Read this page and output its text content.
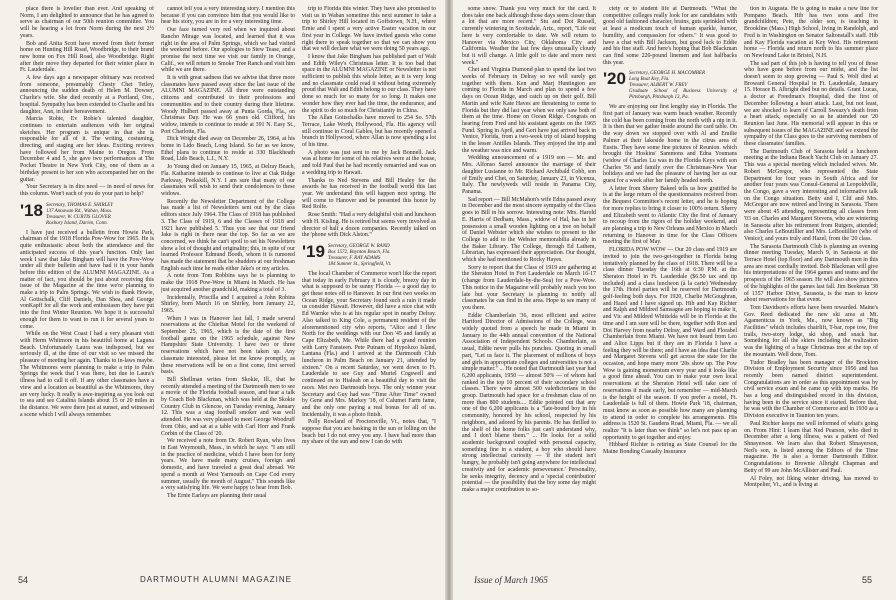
place there is lovelier than ever. And speaking of Norm, I am delighted to announce that he has agreed to serve as chairman of our 50th reunion committee. You will be hearing a lot from Norm during the next 2½ years.

Bob and Anita Scott have moved from their former home on Hunting Hill Road, Woodbridge, to their brand new home on Fox Hill Road, also Woodbridge. Right after their move they departed for their winter place in Ft. Lauderdale.

A few days ago a newspaper obituary was received from someone, presumably Chesty Chet Tetley, announcing the sudden death of Helen M. Dowser, Charlie's wife. She died recently at a Portland, Ore., hospital. Sympathy has been extended to Charlie and his daughter, Ann, in their bereavement.

Marcia Robie, Ev Robie's talented daughter, continues to entertain audiences with her original sketches. Her program is unique in that she is responsible for all of it. The writing, costuming, directing, and staging are her ideas. Exciting reviews have followed her from Maine to Oregon. From December 4 and 5, she gave two performances at The Pocket Theatre in New York City, one of them as a birthday present to her son who accompanied her on the guitar.

Your Secretary is in dire need — in need of news for this column. Won't each of you do your part to help?

'18 Secretary, THOMAS E. SHIRLEY
137 Annawan Rd., Waban, Mass.
Treasurer, W. CURTIS GLOVER
Roxbury Island, Darien, Conn.

I have just received a bulletin from Howie Park, chairman of the 1918 Florida Pow-Wow for 1965. He is quite enthusiastic about both the attendance and the anticipated success of this year's function. Only last week I saw that Jake Bingham will have the Pow-Wow under all their bulletin and have had it in your hands before this edition of the ALUMNI MAGAZINE. As a matter of fact, you should be just about receiving this issue of the Magazine at the time we're planning to make a trip to Palm Springs. We wish to thank Howie, Al Gottschalk, Cliff Daniels, Dan Shea, and George vonKapff for all the work and enthusiasm they have put into the first Winter Reunion. We hope it is successful enough for them to want to run it for several years to come.

While on the West Coast I had a very pleasant visit with Herm Whitmore in his beautiful home at Laguna Beach. Unfortunately Laura was indisposed, but we seriously ill, at the time of our visit so we missed the pleasure of meeting her again. Thanks to in-laws maybe. The Whitmores were planning to make a trip to Palm Springs the week that I was there, but due to Laura's illness had to call it off. If any other classmates have a view and a location as beautiful as the Whitmores, they are very lucky. It really is awe-inspiring as you look out to sea and see Catalina Islands about 15 or 20 miles in the distance. We were there just at sunset, and witnessed a scene which I will always remember.

cannot tell you a very interesting story. I mention this because if you can convince him that you would like to hear his story, you are in for a very interesting time.

Our face turned very red when we inquired about Rancho Mirage was located, and learned that it was right in the area of Palm Springs, which we had visited the weekend before. Our apologies to Stew Tease, and a promise the next time we visit our family in Orange, Calif., we will return to Smoke Tree Ranch and visit him while we are there.

It is with great sadness that we advise that three more classmates have passed away since the last issue of the ALUMNI MAGAZINE. All three were outstanding citizens and contributed to their professions and communities and to their country during their lifetime. Woody Hulbert passed away at Punta Gorda, Fla., on Christmas Day. He was 66 years old. Clifford, his widow, intends to continue to reside at 391 N. Easy St., Port Charlotte, Fla.

Dick Wright died away on December 26, 1964, at his home in Lido Beach, Long Island. So far as we know, Ethel plans to continue to reside at 330 Blackheath Road, Lido Beach, L.I., N.Y.

Jo Young died on January 15, 1965, at Delray Beach, Fla. Katharine intends to continue to live at Oak Ridge Parkway, Peekskill, N.Y. I am sure that many of our classmates will wish to send their condolences to these widows.

Recently the Newsletter Department of the College has made a list of Newsletters sent out by the class editors since July 1964. The Class of 1918 has published 3. The Class of 1919, 6 and the Classes of 1918 and 1921 have published 5. Thus you see that our friend Jake is right in there near the top. So far as we are concerned, we think he can't spoil to set his Newsletters show a lot of thought and originality; this, in spite of our learned Professor Edmund Booth, whom it is rumored has made the statement that he shudders at our freshman English each time he reads either Jake's or my articles.

A note from Tom Robbins says he is planning to make the 1918 Pow-Wow in Miami in March. He has just acquired another grandchild, making a total of 3.

Incidentally, Priscilla and I acquired a John Robins Shirley, born March 16 on Shirley, born January 22, 1965.

When I was in Hanover last fall, I made several reservations at the Chieftan Motel for the weekend of September 25, 1965, which is the date of the first football game on the 1965 schedule, against New Hampshire State University. I have two or three reservations which have not been taken up. Any classmate interested, please let me know promptly, as these reservations will be on a first come, first served basis.

Bill Shellman writes from Skokie, Ill., that he recently attended a meeting of the Dartmouth men to see a movie of the Florida football season, and hear a talk by Coach Bob Blackman, which was held at the Skokie Country Club in Glencoe, on Tuesday evening, January 12. This was a stag football smoker and was well attended. He was very pleased to meet George Woodruff from Ohio, and sat at a table with Carl Horr and Frank Corbin of the Class of '20.

We received a note from Dr. Robert Ryan, who lives in East Weymouth, Mass., in which he says: "I am still in the practice of medicine, which I have been for forty years. We have made many cruises, foreign and domestic, and have traveled a great deal abroad. We spend a month at West Yarmouth on Cape Cod every summer, usually the month of August." This sounds like a very satisfying life. We were happy to hear from Bob.

The Ernie Earleys are planning their usual

trip to Florida this winter. They have also promised to visit us in Waban sometime this next summer to take a trip to Shirley Hill located in Goffstown, N.H., where Ernie and I spent a very active Easter vacation in our first year in College. We have invited guests who come right there to speak together so that we can show you that we will declare what we were doing 50 years ago.

I know that Jake Bingham has published part of Walt and Edith Wiley's Christmas letter. It is too bad that space in the ALUMNI MAGAZINE or Newsletter is not sufficient to publish this whole letter, as it is very long and no classmate could read it without being extremely proud that Walt and Edith belong to our class. They have done so much for so many for so long. It makes one wonder how they ever had the time, the endurance, and the spirit to do so much for Christianity in China.

The Allan Gottschalks have moved to 254 So. 57th Terrace, Lake Worth, Hollywood, Fla. His agency will still continue in Coral Gables, but has recently opened a branch in Hollywood, where Allan is now spending a lot of his time.

A photo was just sent to me by Jack Bonnell. Jack was at home for some of his relatives were at the house, and told Paul that he had recently remarried and was on a wedding trip to Hawaii.

Thanks to Ned Stevens and Bill Healey for the awards he has received in the football world this last year. We understand this will happen next spring. He will come to Hanover and be presented this honor by Red Rolfe.

Rose Smith: "Had a very delightful visit and luncheon with H. Kisling. He is retired but seems very involved as director of half a dozen companies. Recently talked on the 'phone with Dick Alston."

'19 Secretary, GEORGE W. RAND
Box 1572, Boynton Beach, Fla.
Treasurer, F. RAY ADAMS
184 Sumner St., Springfield, Vt.

The local Chamber of Commerce won't like the report that today in early February it is cloudy, breezy day in what is supposed to be sunny Florida — a good day to get these notes off to Hanover. In our first two weeks on Ocean Ridge, your Secretary found such a rain it made us consider Hawaii. However, did have a nice chat with Ed Warnke who is at his regular spot in nearby Delray. Also talked to King Cole, a permanent resident of the aforementioned city who reports, "Alice and I flew North for the weddings with our Don '45 and family at Cape Elizabeth, Me. While there had a grand reunion with Larry Fansteen. Pete Putnam of Hypoluxo Island, Lantana (Fla.) and I arrived at the Dartmouth Club luncheon in Palm Beach on January 21, attended by sixteen." On a recent Saturday, we went down to Ft. Lauderdale to see Guy and Muriel Cogswell and continued on to Hialeah on a beautiful day to visit the races. Met two Dartmouth boys. The only winner your Secretary and Guy had was "Time After Time" owned by Gene and Mrs. Markey '18, of Calumet Farm fame, and the only one paying a real bonus for all of us. Incidentally, it was a photo finish.

Polly Rowland of Proctorsville, Vt., notes that, "I suppose that you are basking in the sun or lolling on the beach but I do not envy you any. I have had more than my share of the sun and now I can do with

some snow. Thank you very much for the card. It does take one back although those days seem closer than a lot that are more recent." Stu and Dot Russell, currently wintering in Scottsdale, Ariz., report, "Life out here is very comfortable to date. We will return to Hanover via Mexico City, Oklahoma City and California. Weather the last few days unusually cloudy but it will change. A little golf to date and more next week."

Chet and Virginia Dumond plan to spend the last two weeks of February in Delray so we will surely get together with them. Ken and Marj Huntington are coming to Florida in March and plan to spend a few days on Ocean Ridge, and catch up on their golf. Bill Martin and wife Kate Haves are threatening to come to Florida but they did last year when we only saw both of them at the time. Home on Ocean Ridge. Congrats on hearing from Fred and his assistant agents on the 1965 Fund. Spring in April, and Gert have just arrived back in Venice, Florida, from a two-week trip of island hopping in the lesser Antilles Islands. They enjoyed the trip and the weather was nice and warm.

Wedding announcement of a 1919 son — Mr. and Mrs. Alfonso Sarrel announce the marriage of their daughter Lusianne to Mr. Richard Archibald Cobb, son of Emily and Chet, on Saturday, January 23, in Vicenza, Italy. The newlyweds will reside in Panama City, Panama.

Sad report — Bill McMahon's wife Edna passed away in December and the most sincere sympathy of the Class goes to Bill in his sorrow. Interesting note: Mrs. Harold E. Harris of Dedham, Mass., widow of Hal, has in her possession a small wooden lighting on a tree on behalf of Daniel Webster which she wishes to present to the College to add to the Webster memorabilia already in the Baker Library. The College, through Ed Lathem, Librarian, has expressed their appreciation. Our thought, which she had mentioned to Rocky Hayes.

Sorry to report that the Class of 1919 are gathering at the Sheraton Hotel in Fort Lauderdale on March 16-17 (change from Lauderdale-by-the-Sea) for a Pow-Wow. This notice in the Magazine will probably reach you too late but your Secretary is planning to notify all classmates he can find in the area. Hope to see many of you there.

Eddie Chamberlain '36, most efficient and active Hartford Director of Admissions of the College, was widely quoted from a speech he made in Miami in January to the 44th annual convention of the National Association of Independent Schools. Chamberlain, as usual, Eddie never pulls his punches. Quoting in small part, "Let us face it. The placement of millions of boys and girls in appropriate colleges and universities is not a simple matter." ... He noted that Dartmouth last year had 6,200 applicants, 1950 — almost 50% — of whom had ranked in the top 10 percent of their secondary school classes. There were almost 500 valedictorians in the group. Dartmouth had space for a freshman class of no more than 800 students.... Eddie pointed out that any one of the 6,200 applicants is a "late-bound boy in his community, honored by his school, respected by his neighbors, and adored by his parents. He has thrilled to the shelf of the home folks just can't understand why, and I don't blame them." ... He looks for a solid academic background coupled with personal capacity, something fine in a student, a boy who should have strong intellectual curiosity — 'if the student isn't hungry, he probably isn't going anywhere for intellectual creativity and for academic perseverance.' Personality, he seeks integrity, decency and a 'special contribution' potential — the possibility that the boy some day might make a major contribution to so-

ciety or to student life at Dartmouth. "What the competitive colleges really look for are candidates with good old fashioned character, brains, guts sprinkled with at least a modicum touch of human sparkle, humor, humility, and compassion for others." It was good to have a chat with Bill Jackson, but good luck to Eddie and his fine staff. And here's hoping that Bob Blackman can find some 220-pound linemen and fast halfbacks this year.

'20 Secretary, GEORGE H. MACOMBER
Long Boat Key, Fla.
Treasurer, ALBERT W. FREY
Graduate School of Business University of Pittsburgh, Pittsburgh 13, Pa.

We are enjoying our first lengthy stay in Florida. The first part of January was warm beach weather. Recently the cold has been coming from the north with a nip in it. It is then that we gather inside around the card table. On the way down we stopped over with Al and Emilie Palmer at their lakeside home in the citrus area of Eustis. They have some fine pictures of Reunion. which brought the Hoskins' Sammons and Edna Youmans (widow of Charles Lu was in the Florida Keys with son Charles '56 and family over the Christmas-New Year holidays and we had the pleasure of having her as our guest for a week after her family headed north.

A letter from Sherry Bakeel tells us how gratified he is at the large return of the questionnaires received from the Bequest Committee's recent letter, and he is hoping for more replies to bring it closer to 100% return. Sherry and Elizabeth went to Atlantic City the first of January to recoup from the rigors of the holiday weekend, and are planning a trip to New Orleans and Mexico in March returning to Hanover in time for the Class Officers meeting the first of May.

FLORIDA POW WOW — Our 20 class and 1919 are invited to join the two-get-together in Florida being tentatively planned by the class of 1918. There will be a class dinner Tuesday the 16th at 6:30 P.M. at the Sheraton Hotel in Ft. Lauderdale ($6.50 tax and tip included) and a class luncheon (à la carte) Wednesday the 17th. Hotel parties will be reserved for Dartmouth golf-feeling both days. For 1920, Charlie McGoughran, and Hazel and I have signed up. Hib and Kay Richter and Ralph and Mildred Samsagne are hoping to make it, and Vic and Mildred Whittelda will be in Florida at the time and I am sure will be there, together with Ron and Dot Harvey from nearby Delray, and Ward and Florabel Chamberlain from Miami. We have not heard from Leo and Alice Lipps but if they are in Florida I have a feeling they will be there; and I have an idea that Charlie and Margaret Stevens will get across the state for the occasion, and hope many more '20s show up. The Pow Wow is gaining momentum every year and it looks like a good time ahead. You can to make your own local reservations at the Sheraton Hotel will take care of reservations if made early, but remember — mid-March is the height of the season. If you prefer a motel, Ft. Lauderdale is full of them. Howie Park '18, chairman, must know as soon as possible how many are planning to attend in order to complete his arrangements. His address is 1520 St. Gaudens Road, Miami, Fla. — we all realize "It is later than we think" so let's not pass up an opportunity to get together and enjoy.

Hibbard Richter is retiring as State Counsel for the Maine Bonding Casualty Insurance

tion in Augusta. He is going to make a new line for Pompano Beach. Hib has two sons and five grandchildren; Pete, the older son, is teaching in Brookline (Mass.) High School, living in Randolph, and Fred is in Washington on Senator Saltonstall's staff. Hib and Kay Florida vacation at Key West. His retirement home — Florida and return north to his summer place on Newfound Lake in Bristol, N.H.

The sad part of this job is having to tell you of those who have gone before from our midst, and the list doesn't seem to stop growing — Paul S. Wolf died at Broward General Hospital in Ft. Lauderdale, January 15. Horace B. Albright died but no details. Grant Lucas, a doctor at Freedman's Hospital, died the first of December following a heart attack. Last, but not least, we are shocked to learn of Carroll Sweazy's death from a heart attack, especially so as he attended our '20 Reunion last June. His memorial will appear in this or subsequent issues of the MAGAZINE and we extend the sympathy of the Class goes to the surviving members of these classmates' families.

The Dartmouth Club of Sarasota held a luncheon meeting at the Indiana Beach Yacht Club on January 27. This was a special meeting which included wives. Mr. Robert McGregor, who represented the State Department for four years in South Africa and for another four years was Consul-General at Leopoldville, the Congo, gave a very interesting and informative talk on the Congo situation. Betty and I, Clif and Mrs. McGregor are now retired and living in Sarasota. There were about 45 attending, representing all classes from '03 on. Charles and Margaret Stevens, who are wintering in Sarasota after his retirement from Rutgers, attended; also Charles LeBoutillier and Mrs. LeBoutillier (who of Venice); and yours truly and Hazel, from the '20 class.

The Sarasota Dartmouth Club is planning an evening dinner meeting Tuesday, March 9, in Sarasota at the Terrace Hotel (top floor) and any Dartmouth men in this area are most cordially invited. Bob Blackman will give his interpretations of the 1964 games and teams and the prospects of the 1965 season. He will also show pictures of the highlights of the games last fall. Jim Beekman '38 of 1357 Harbor Drive, Sarasota, is the man to know about reservations for that event.

Tom Davidson's efforts have been rewarded. Maine's Gov. Reed dedicated the new ski area at Mt. Agamenticus in York, Me., now known as "Big Facilities" which includes chairlift, T-bar, rope tow, five trails, two-story lodge, ski shop, and snack bar. Something for all the skiers including the realization was the lighting of a huge Christmas tree at the top of the mountain. Well done, Tom.

Tudor Bradley has been manager of the Brockton Division of Employment Security since 1956 and has recently been named district superintendent. Congratulations are in order as this appointment was by civil service exam and he came up with top marks. He has a long and distinguished record in this division, having been in the service since it started. Before that, he was with the Chamber of Commerce and in 1930 as a Division executive in Taunton ten years.

Paul Richter keeps me well informed of what's going on. From Hint: I learn that Ned Pearson, who died in December after a long illness, was a patient of Ned Shnayerson. We learn also that Robert Shnayerson, Ned's son, is listed among the Editors of the Time magazine. He is also a former Dartmouth Editor. Congratulations to Brownie Albright Chapman and Betty of 99 are John McAllister and Paul.

Al Foley, not liking winter driving, has moved to Montpelier, Vt., and is living at

54	DARTMOUTH ALUMNI MAGAZINE	Issue of March 1965	55
